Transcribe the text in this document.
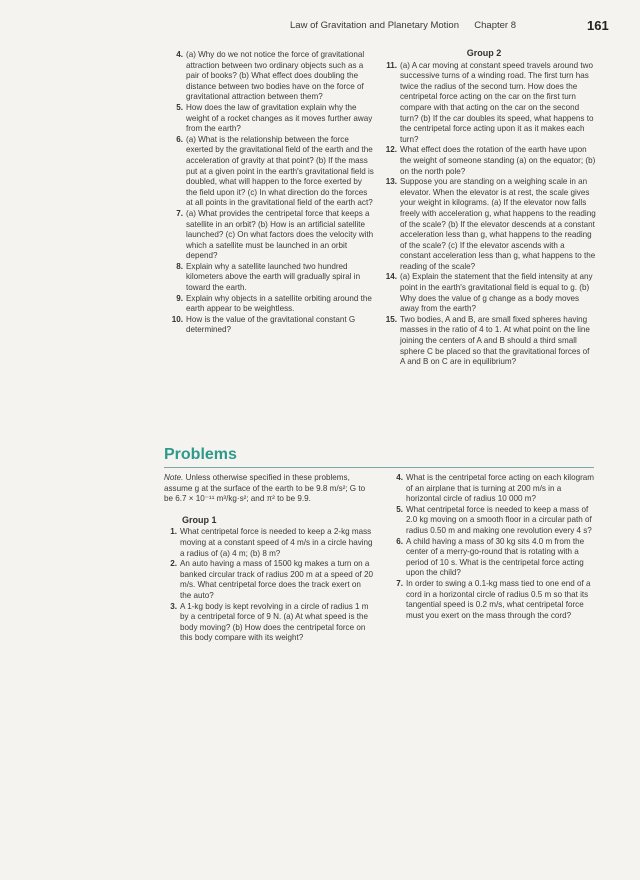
Law of Gravitation and Planetary Motion Chapter 8	161
4. (a) Why do we not notice the force of gravitational attraction between two ordinary objects such as a pair of books? (b) What effect does doubling the distance between two bodies have on the force of gravitational attraction between them?
5. How does the law of gravitation explain why the weight of a rocket changes as it moves further away from the earth?
6. (a) What is the relationship between the force exerted by the gravitational field of the earth and the acceleration of gravity at that point? (b) If the mass put at a given point in the earth's gravitational field is doubled, what will happen to the force exerted by the field upon it? (c) In what direction do the forces at all points in the gravitational field of the earth act?
7. (a) What provides the centripetal force that keeps a satellite in an orbit? (b) How is an artificial satellite launched? (c) On what factors does the velocity with which a satellite must be launched in an orbit depend?
8. Explain why a satellite launched two hundred kilometers above the earth will gradually spiral in toward the earth.
9. Explain why objects in a satellite orbiting around the earth appear to be weightless.
10. How is the value of the gravitational constant G determined?
Group 2
11. (a) A car moving at constant speed travels around two successive turns of a winding road. The first turn has twice the radius of the second turn. How does the centripetal force acting on the car on the first turn compare with that acting on the car on the second turn? (b) If the car doubles its speed, what happens to the centripetal force acting upon it as it makes each turn?
12. What effect does the rotation of the earth have upon the weight of someone standing (a) on the equator; (b) on the north pole?
13. Suppose you are standing on a weighing scale in an elevator. When the elevator is at rest, the scale gives your weight in kilograms. (a) If the elevator now falls freely with acceleration g, what happens to the reading of the scale? (b) If the elevator descends at a constant acceleration less than g, what happens to the reading of the scale? (c) If the elevator ascends with a constant acceleration less than g, what happens to the reading of the scale?
14. (a) Explain the statement that the field intensity at any point in the earth's gravitational field is equal to g. (b) Why does the value of g change as a body moves away from the earth?
15. Two bodies, A and B, are small fixed spheres having masses in the ratio of 4 to 1. At what point on the line joining the centers of A and B should a third small sphere C be placed so that the gravitational forces of A and B on C are in equilibrium?
Problems
Note. Unless otherwise specified in these problems, assume g at the surface of the earth to be 9.8 m/s²; G to be 6.7 × 10⁻¹¹ m³/kg·s²; and π² to be 9.9.
Group 1
1. What centripetal force is needed to keep a 2-kg mass moving at a constant speed of 4 m/s in a circle having a radius of (a) 4 m; (b) 8 m?
2. An auto having a mass of 1500 kg makes a turn on a banked circular track of radius 200 m at a speed of 20 m/s. What centripetal force does the track exert on the auto?
3. A 1-kg body is kept revolving in a circle of radius 1 m by a centripetal force of 9 N. (a) At what speed is the body moving? (b) How does the centripetal force on this body compare with its weight?
4. What is the centripetal force acting on each kilogram of an airplane that is turning at 200 m/s in a horizontal circle of radius 10 000 m?
5. What centripetal force is needed to keep a mass of 2.0 kg moving on a smooth floor in a circular path of radius 0.50 m and making one revolution every 4 s?
6. A child having a mass of 30 kg sits 4.0 m from the center of a merry-go-round that is rotating with a period of 10 s. What is the centripetal force acting upon the child?
7. In order to swing a 0.1-kg mass tied to one end of a cord in a horizontal circle of radius 0.5 m so that its tangential speed is 0.2 m/s, what centripetal force must you exert on the mass through the cord?
